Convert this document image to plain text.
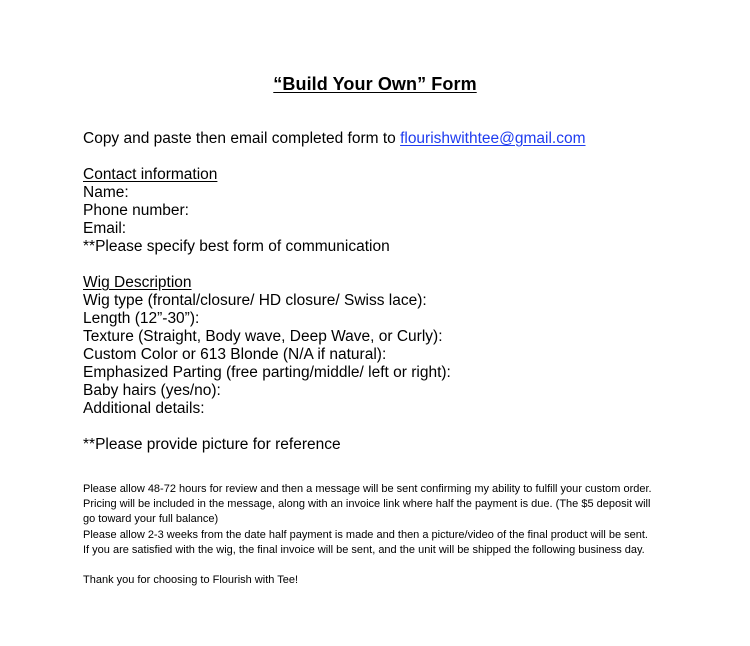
“Build Your Own” Form
Copy and paste then email completed form to flourishwithtee@gmail.com
Contact information
Name:
Phone number:
Email:
**Please specify best form of communication
Wig Description
Wig type (frontal/closure/ HD closure/ Swiss lace):
Length (12”-30”):
Texture (Straight, Body wave, Deep Wave, or Curly):
Custom Color or 613 Blonde (N/A if natural):
Emphasized Parting (free parting/middle/ left or right):
Baby hairs (yes/no):
Additional details:
**Please provide picture for reference
Please allow 48-72 hours for review and then a message will be sent confirming my ability to fulfill your custom order.
Pricing will be included in the message, along with an invoice link where half the payment is due. (The $5 deposit will
go toward your full balance)
Please allow 2-3 weeks from the date half payment is made and then a picture/video of the final product will be sent.
If you are satisfied with the wig, the final invoice will be sent, and the unit will be shipped the following business day.
Thank you for choosing to Flourish with Tee!
